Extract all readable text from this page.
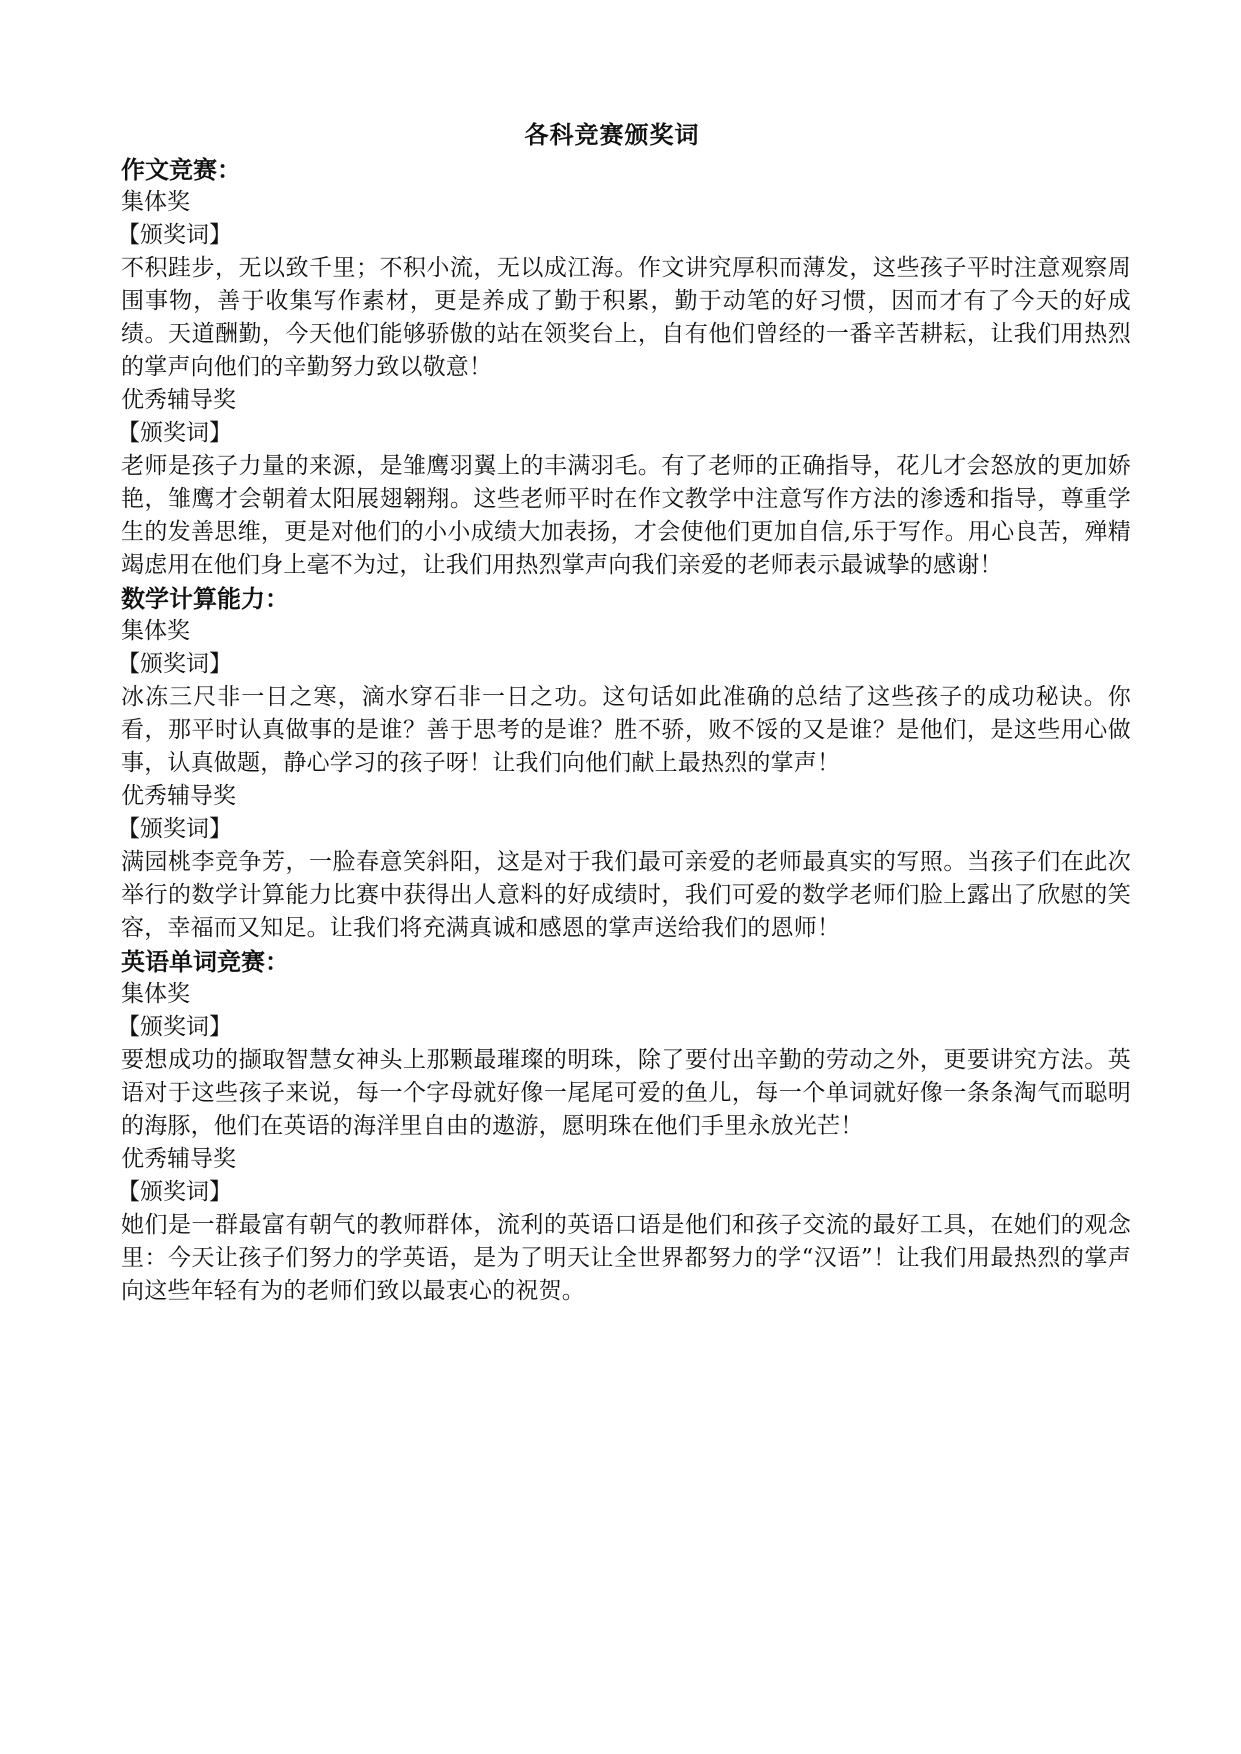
各科竞赛颁奖词

作文竞赛：

集体奖

【颁奖词】

不积跬步，无以致千里；不积小流，无以成江海。作文讲究厚积而薄发，这些孩子平时注意观察周围事物，善于收集写作素材，更是养成了勤于积累，勤于动笔的好习惯，因而才有了今天的好成绩。天道酬勤，今天他们能够骄傲的站在领奖台上，自有他们曾经的一番辛苦耕耘，让我们用热烈的掌声向他们的辛勤努力致以敬意！

优秀辅导奖

【颁奖词】

老师是孩子力量的来源，是雏鹰羽翼上的丰满羽毛。有了老师的正确指导，花儿才会怒放的更加娇艳，雏鹰才会朝着太阳展翅翱翔。这些老师平时在作文教学中注意写作方法的渗透和指导，尊重学生的发善思维，更是对他们的小小成绩大加表扬，才会使他们更加自信,乐于写作。用心良苦，殚精竭虑用在他们身上毫不为过，让我们用热烈掌声向我们亲爱的老师表示最诚挚的感谢！

数学计算能力：

集体奖

【颁奖词】

冰冻三尺非一日之寒，滴水穿石非一日之功。这句话如此准确的总结了这些孩子的成功秘诀。你看，那平时认真做事的是谁？善于思考的是谁？胜不骄，败不馁的又是谁？是他们，是这些用心做事，认真做题，静心学习的孩子呀！让我们向他们献上最热烈的掌声！

优秀辅导奖

【颁奖词】

满园桃李竞争芳，一脸春意笑斜阳，这是对于我们最可亲爱的老师最真实的写照。当孩子们在此次举行的数学计算能力比赛中获得出人意料的好成绩时，我们可爱的数学老师们脸上露出了欣慰的笑容，幸福而又知足。让我们将充满真诚和感恩的掌声送给我们的恩师！

英语单词竞赛：

集体奖

【颁奖词】

要想成功的撷取智慧女神头上那颗最璀璨的明珠，除了要付出辛勤的劳动之外，更要讲究方法。英语对于这些孩子来说，每一个字母就好像一尾尾可爱的鱼儿，每一个单词就好像一条条淘气而聪明的海豚，他们在英语的海洋里自由的遨游，愿明珠在他们手里永放光芒！

优秀辅导奖

【颁奖词】

她们是一群最富有朝气的教师群体，流利的英语口语是他们和孩子交流的最好工具，在她们的观念里：今天让孩子们努力的学英语，是为了明天让全世界都努力的学“汉语”！让我们用最热烈的掌声向这些年轻有为的老师们致以最衷心的祝贺。
